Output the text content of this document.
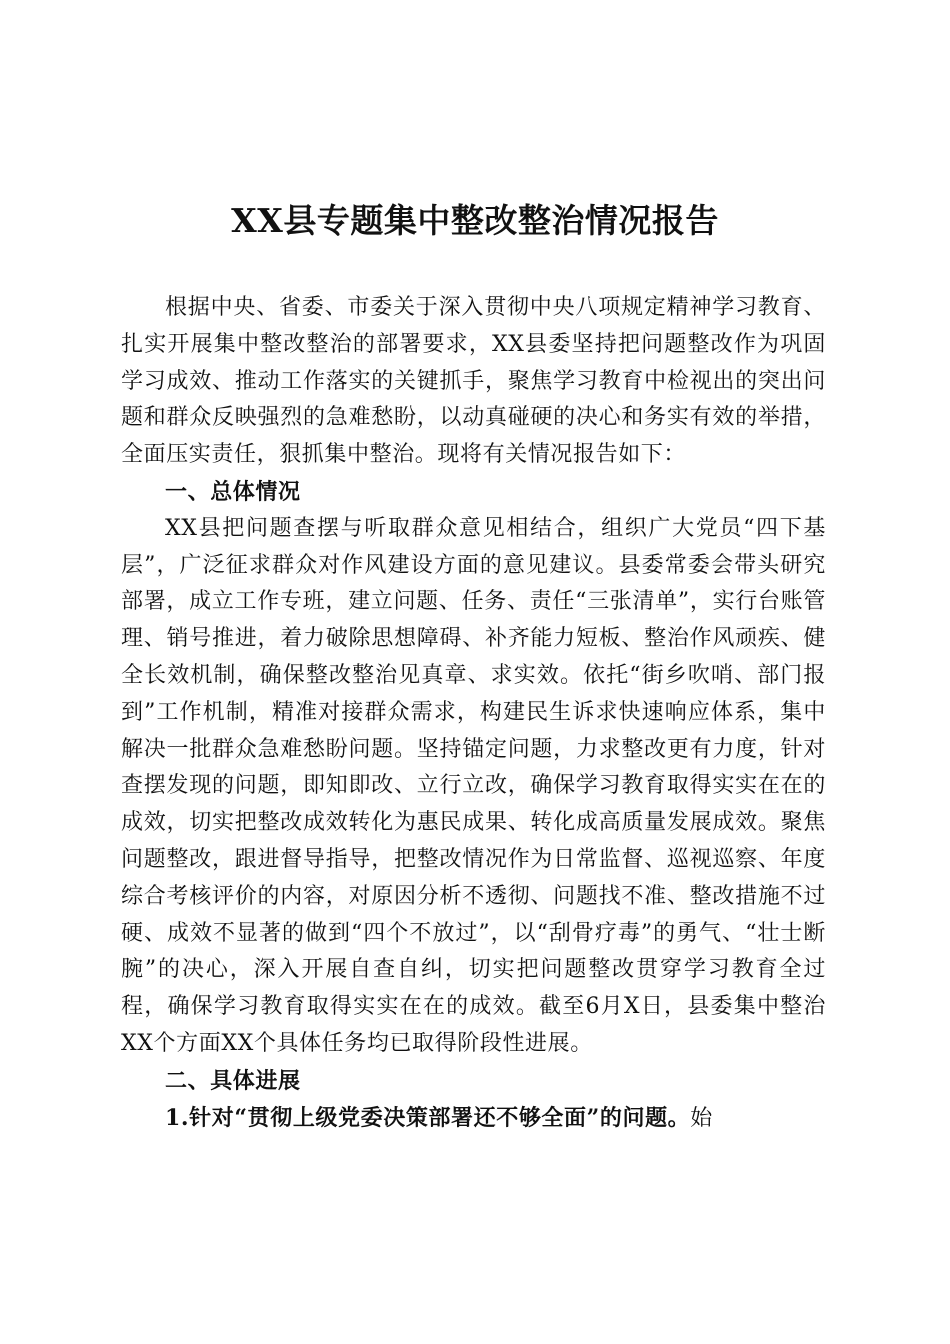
XX县专题集中整改整治情况报告

根据中央、省委、市委关于深入贯彻中央八项规定精神学习教育、扎实开展集中整改整治的部署要求，XX县委坚持把问题整改作为巩固学习成效、推动工作落实的关键抓手，聚焦学习教育中检视出的突出问题和群众反映强烈的急难愁盼，以动真碰硬的决心和务实有效的举措，全面压实责任，狠抓集中整治。现将有关情况报告如下：

一、总体情况

XX县把问题查摆与听取群众意见相结合，组织广大党员“四下基层”，广泛征求群众对作风建设方面的意见建议。县委常委会带头研究部署，成立工作专班，建立问题、任务、责任“三张清单”，实行台账管理、销号推进，着力破除思想障碍、补齐能力短板、整治作风顽疾、健全长效机制，确保整改整治见真章、求实效。依托“街乡吹哨、部门报到”工作机制，精准对接群众需求，构建民生诉求快速响应体系，集中解决一批群众急难愁盼问题。坚持锚定问题，力求整改更有力度，针对查摆发现的问题，即知即改、立行立改，确保学习教育取得实实在在的成效，切实把整改成效转化为惠民成果、转化成高质量发展成效。聚焦问题整改，跟进督导指导，把整改情况作为日常监督、巡视巡察、年度综合考核评价的内容，对原因分析不透彻、问题找不准、整改措施不过硬、成效不显著的做到“四个不放过”，以“刮骨疗毒”的勇气、“壮士断腕”的决心，深入开展自查自纠，切实把问题整改贯穿学习教育全过程，确保学习教育取得实实在在的成效。截至6月X日，县委集中整治XX个方面XX个具体任务均已取得阶段性进展。

二、具体进展

1.针对“贯彻上级党委决策部署还不够全面”的问题。始
